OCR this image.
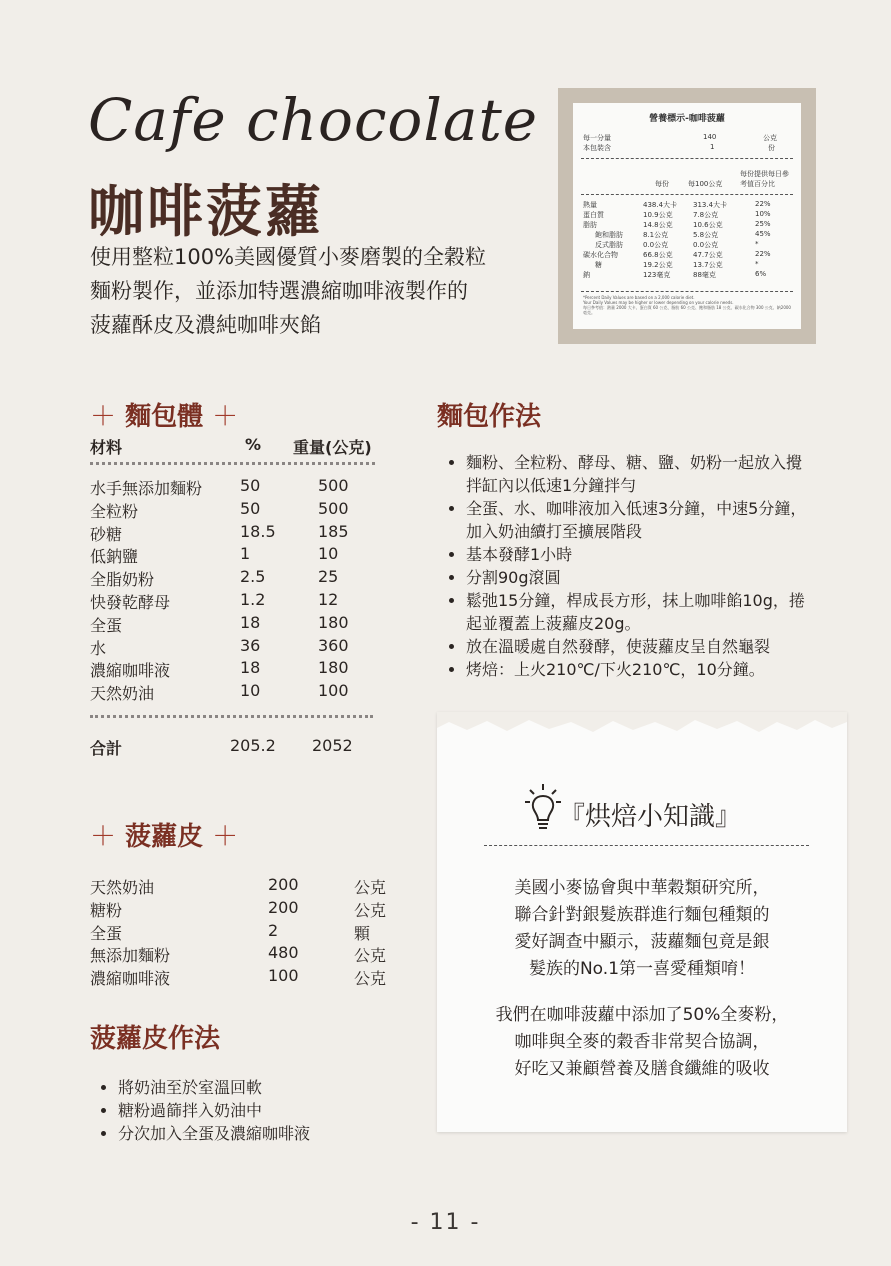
Cafe chocolate
咖啡菠蘿
使用整粒100%美國優質小麥磨製的全穀粒
麵粉製作，並添加特選濃縮咖啡液製作的
菠蘿酥皮及濃純咖啡夾餡
營養標示-咖啡菠蘿
每一分量	140	公克
本包裝含	1	份
每份提供每日參考值百分比
每份	每100公克
熱量	438.4大卡 313.4大卡	22%
蛋白質	10.9公克	7.8公克	10%
脂肪	14.8公克	10.6公克	25%
飽和脂肪	8.1公克	5.8公克	45%
反式脂肪	0.0公克	0.0公克	*
碳水化合物	66.8公克	47.7公克	22%
糖	19.2公克	13.7公克	*
鈉	123毫克	88毫克	6%
*Percent Daily Values are based on a 2,000 calorie diet.
Your Daily Values may be higher or lower depending on your calorie needs.
每日參考值：熱量 2000 大卡、蛋白質 60 公克、脂肪 60 公克、飽和脂肪 18 公克、碳水化合物 300 公克、鈉2000 毫克。
＋ 麵包體 ＋
材料	% 重量(公克)
水手無添加麵粉 50	500
全粒粉	50	500
砂糖	18.5	185
低鈉鹽	1	10
全脂奶粉	2.5	25
快發乾酵母	1.2	12
全蛋	18	180
水	36	360
濃縮咖啡液	18	180
天然奶油	10	100
合計	205.2 2052
麵包作法
• 麵粉、全粒粉、酵母、糖、鹽、奶粉一起放入攪拌缸內以低速1分鐘拌勻
• 全蛋、水、咖啡液加入低速3分鐘，中速5分鐘，加入奶油續打至擴展階段
• 基本發酵1小時
• 分割90g滾圓
• 鬆弛15分鐘，桿成長方形，抹上咖啡餡10g，捲起並覆蓋上菠蘿皮20g。
• 放在溫暖處自然發酵，使菠蘿皮呈自然龜裂
• 烤焙：上火210℃/下火210℃，10分鐘。
＋ 菠蘿皮 ＋
天然奶油	200	公克
糖粉	200	公克
全蛋	2	顆
無添加麵粉	480	公克
濃縮咖啡液	100	公克
菠蘿皮作法
• 將奶油至於室溫回軟
• 糖粉過篩拌入奶油中
• 分次加入全蛋及濃縮咖啡液
『烘焙小知識』
美國小麥協會與中華穀類研究所，
聯合針對銀髮族群進行麵包種類的
愛好調查中顯示，菠蘿麵包竟是銀
髮族的No.1第一喜愛種類唷！
我們在咖啡菠蘿中添加了50%全麥粉，
咖啡與全麥的穀香非常契合協調，
好吃又兼顧營養及膳食纖維的吸收
- 11 -
